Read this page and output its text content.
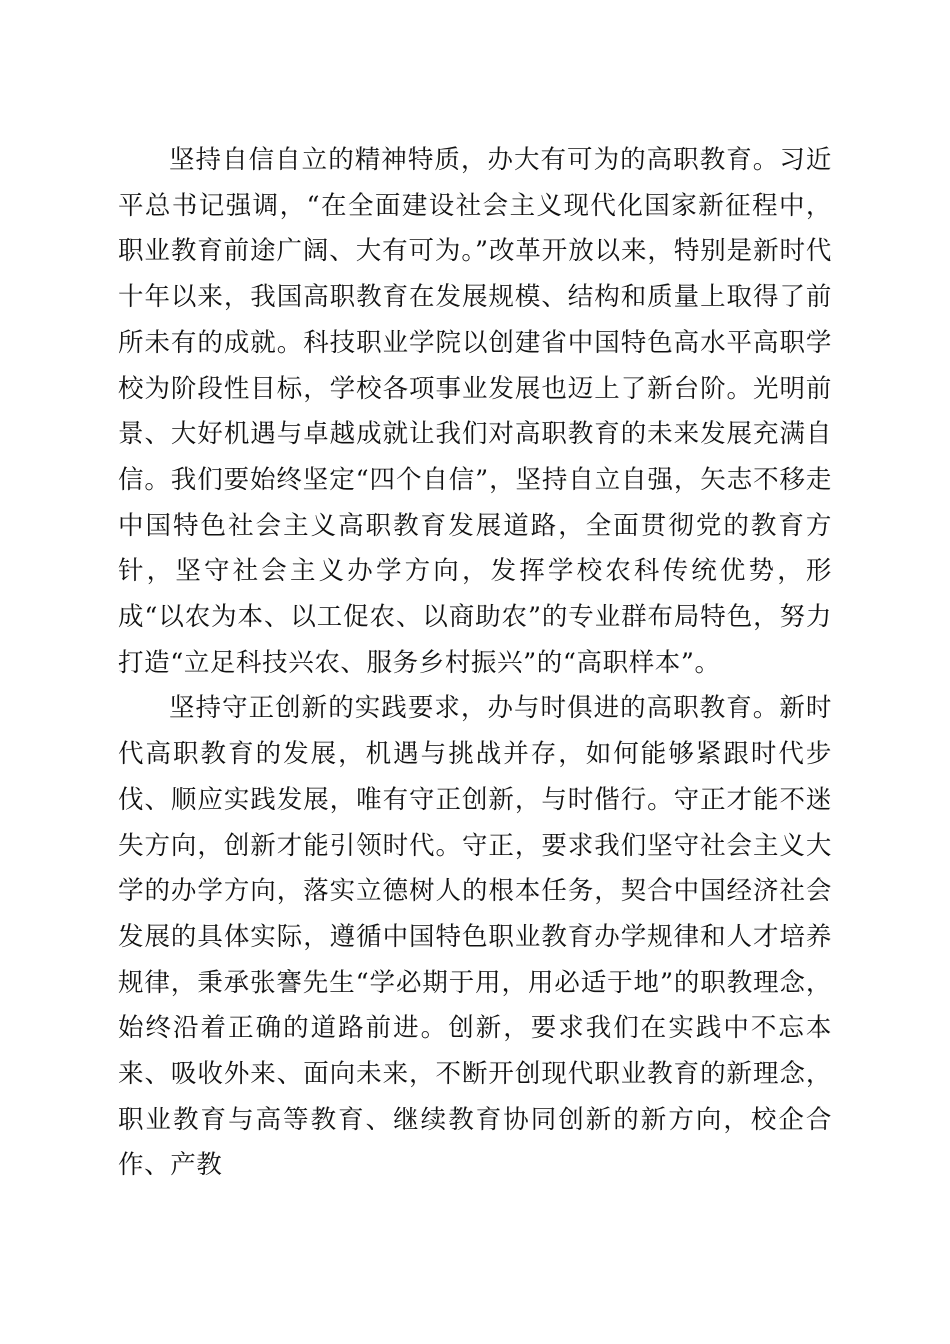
坚持自信自立的精神特质，办大有可为的高职教育。习近平总书记强调，“在全面建设社会主义现代化国家新征程中，职业教育前途广阔、大有可为。”改革开放以来，特别是新时代十年以来，我国高职教育在发展规模、结构和质量上取得了前所未有的成就。科技职业学院以创建省中国特色高水平高职学校为阶段性目标，学校各项事业发展也迈上了新台阶。光明前景、大好机遇与卓越成就让我们对高职教育的未来发展充满自信。我们要始终坚定“四个自信”，坚持自立自强，矢志不移走中国特色社会主义高职教育发展道路，全面贯彻党的教育方针，坚守社会主义办学方向，发挥学校农科传统优势，形成“以农为本、以工促农、以商助农”的专业群布局特色，努力打造“立足科技兴农、服务乡村振兴”的“高职样本”。

坚持守正创新的实践要求，办与时俱进的高职教育。新时代高职教育的发展，机遇与挑战并存，如何能够紧跟时代步伐、顺应实践发展，唯有守正创新，与时偕行。守正才能不迷失方向，创新才能引领时代。守正，要求我们坚守社会主义大学的办学方向，落实立德树人的根本任务，契合中国经济社会发展的具体实际，遵循中国特色职业教育办学规律和人才培养规律，秉承张謇先生“学必期于用，用必适于地”的职教理念，始终沿着正确的道路前进。创新，要求我们在实践中不忘本来、吸收外来、面向未来，不断开创现代职业教育的新理念，职业教育与高等教育、继续教育协同创新的新方向，校企合作、产教
